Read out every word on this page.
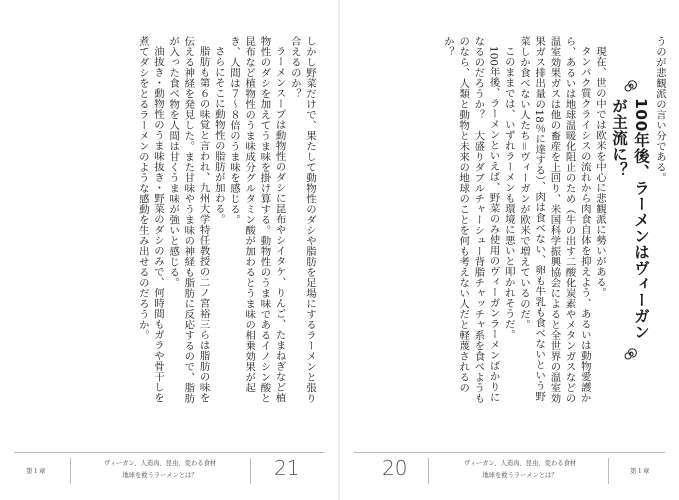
しかし野菜だけで、果たして動物性のダシや脂肪を足場にするラーメンと張り合えるのか？

ラーメンスープは動物性のダシに昆布やシイタケ、りんご、たまねぎなど植物性のダシを加えてうま味を掛け算する。動物性のうま味であるイノシン酸と昆布など植物性のうま味成分グルタミン酸が加わるとうま味の相乗効果が起き、人間は７〜８倍のうま味を感じる。

さらにそこに動物性の脂肪が加わる。

脂肪も第６の味覚と言われ、九州大学特任教授の二ノ宮裕三らは脂肪の味を伝える神経を発見した。また甘味やうま味の神経も脂肪に反応するので、脂肪が入った食べ物を人間は甘くうま味が強いと感じる。

油抜き・動物性のうま味抜き・野菜のダシのみで、何時間もガラや骨干しを煮てダシをとるラーメンのような感動を生み出せるのだろうか。

第１章
ヴィーガン、人造肉、昆虫、変わる食材
地球を救うラーメンとは？	21

うのが悲観派の言い分である。

100年後、ラーメンはヴィーガンが主流に？

現在、世の中では欧米を中心に悲観派に勢いがある。

タンパク質クライシスの流れから肉食自体を抑えよう、あるいは動物愛護から、あるいは地球温暖化阻止のため（牛の出す二酸化炭素やメタンガスなどの温室効果ガスは他の畜産を上回り、米国科学振興協会によると全世界の温室効果ガス排出量の18％に達する）、肉は食べない、卵も牛乳も食べないという野菜しか食べない人たち＝ヴィーガンが欧米で増えているのだ。

このままでは、いずれラーメンも環境に悪いと叩かれそうだ。

100年後、ラーメンといえば、野菜のみ使用のヴィーガンラーメンばかりになるのだろうか？　大盛りダブルチャーシュー背脂チャッチャ系を食べようものなら、人類と動物と未来の地球のことを何も考えない人だと軽蔑されるのか？

20	ヴィーガン、人造肉、昆虫、変わる食材
地球を救うラーメンとは？
第１章
